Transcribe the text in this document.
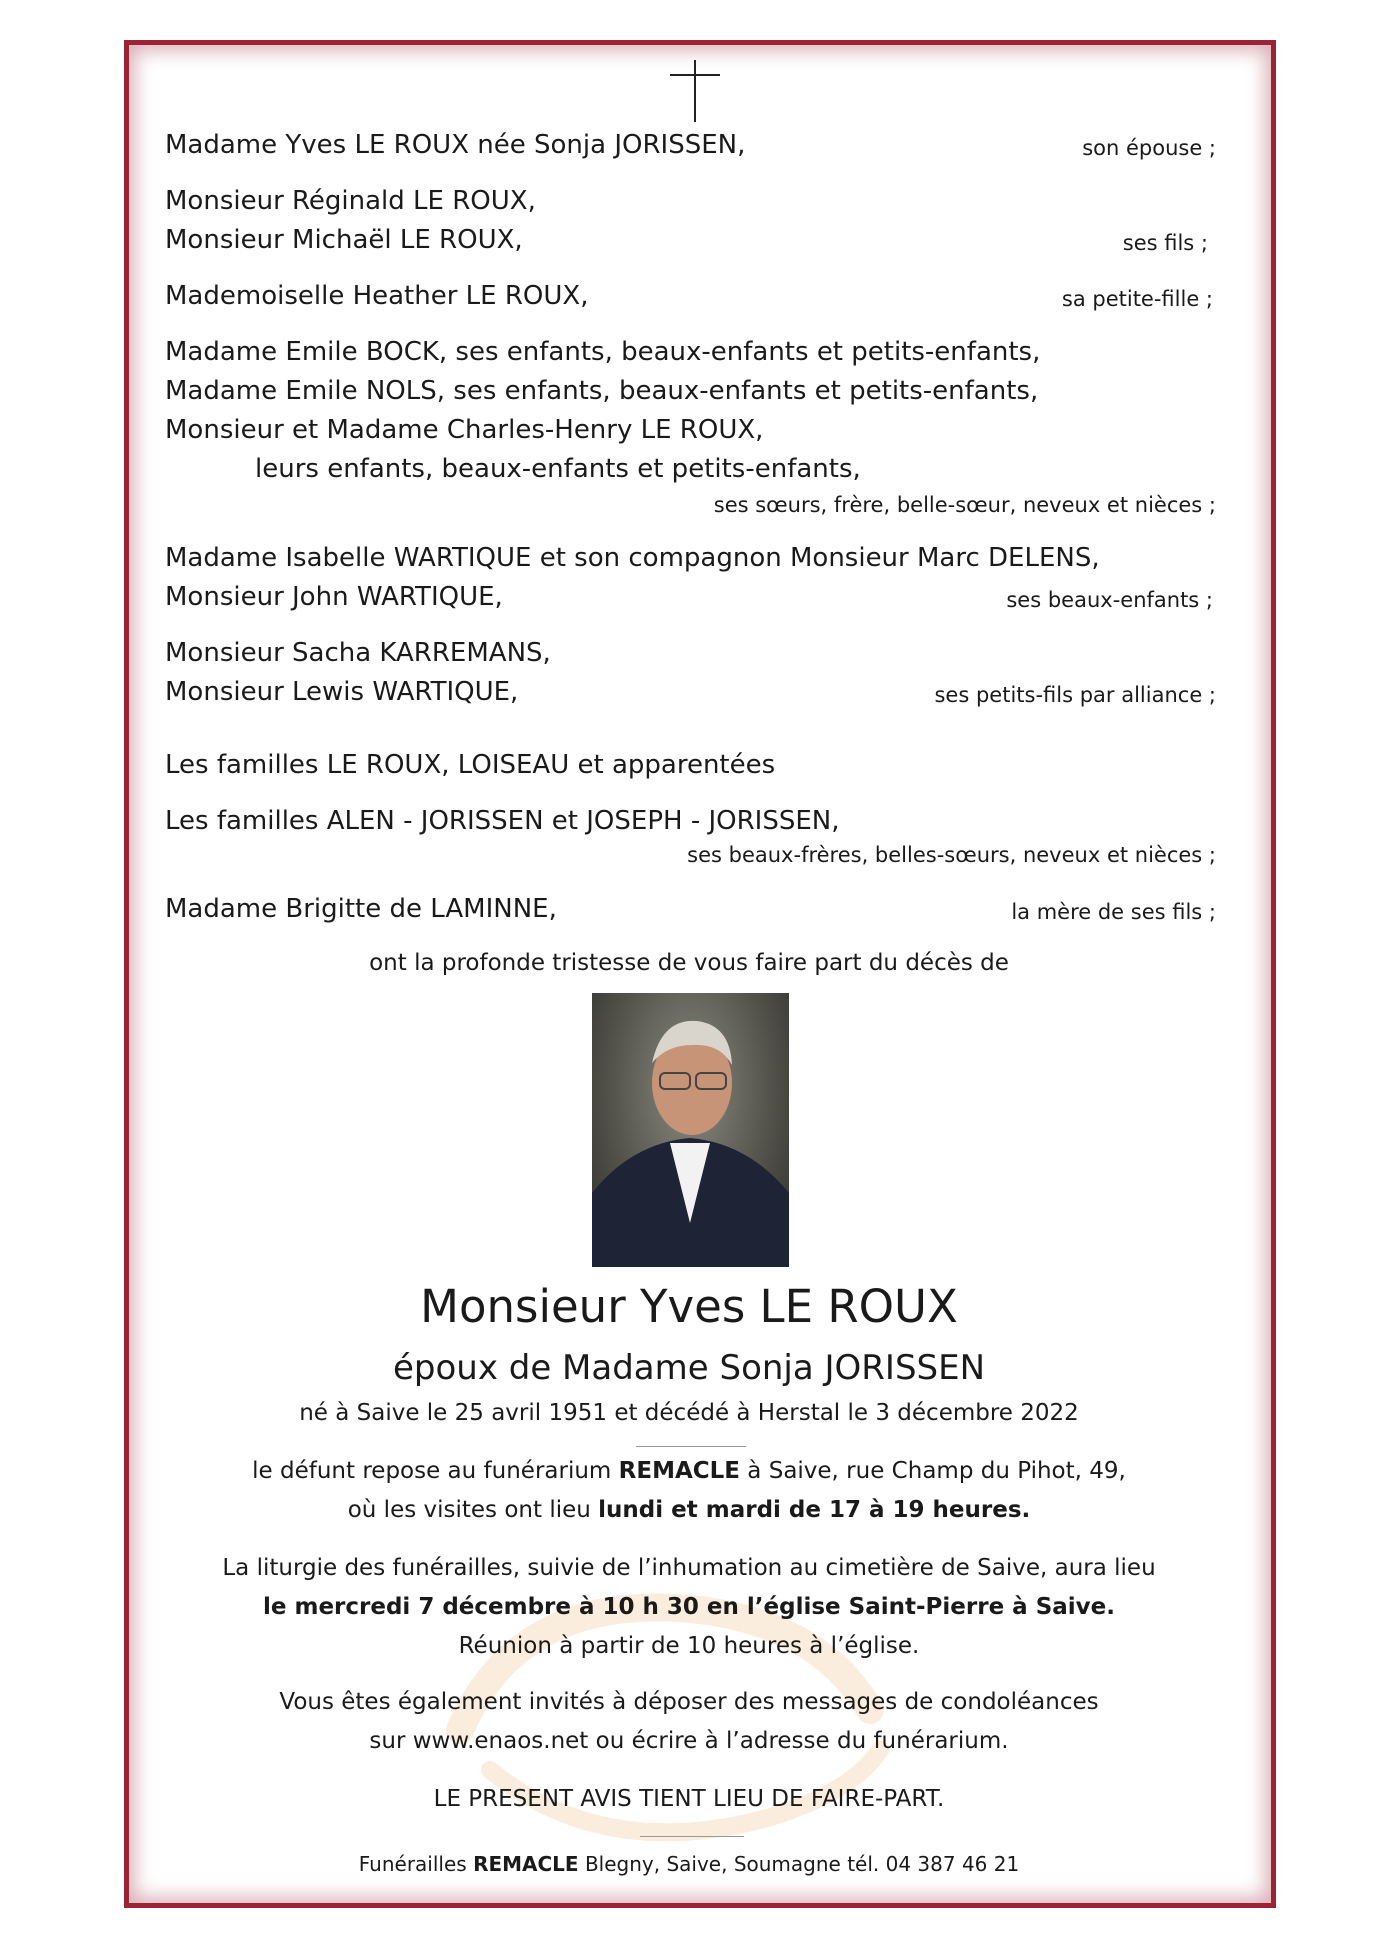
Madame Yves LE ROUX née Sonja JORISSEN,	son épouse ;
Monsieur Réginald LE ROUX,
Monsieur Michaël LE ROUX,	ses fils ;
Mademoiselle Heather LE ROUX,	sa petite-fille ;
Madame Emile BOCK, ses enfants, beaux-enfants et petits-enfants,
Madame Emile NOLS, ses enfants, beaux-enfants et petits-enfants,
Monsieur et Madame Charles-Henry LE ROUX,
leurs enfants, beaux-enfants et petits-enfants,
ses sœurs, frère, belle-sœur, neveux et nièces ;
Madame Isabelle WARTIQUE et son compagnon Monsieur Marc DELENS,
Monsieur John WARTIQUE,	ses beaux-enfants ;
Monsieur Sacha KARREMANS,
Monsieur Lewis WARTIQUE,	ses petits-fils par alliance ;
Les familles LE ROUX, LOISEAU et apparentées
Les familles ALEN - JORISSEN et JOSEPH - JORISSEN,
ses beaux-frères, belles-sœurs, neveux et nièces ;
Madame Brigitte de LAMINNE,	la mère de ses fils ;
ont la profonde tristesse de vous faire part du décès de
Monsieur Yves LE ROUX
époux de Madame Sonja JORISSEN
né à Saive le 25 avril 1951 et décédé à Herstal le 3 décembre 2022
le défunt repose au funérarium REMACLE à Saive, rue Champ du Pihot, 49,
où les visites ont lieu lundi et mardi de 17 à 19 heures.
La liturgie des funérailles, suivie de l’inhumation au cimetière de Saive, aura lieu
le mercredi 7 décembre à 10 h 30 en l’église Saint-Pierre à Saive.
Réunion à partir de 10 heures à l’église.
Vous êtes également invités à déposer des messages de condoléances
sur www.enaos.net ou écrire à l’adresse du funérarium.
LE PRESENT AVIS TIENT LIEU DE FAIRE-PART.
Funérailles REMACLE Blegny, Saive, Soumagne tél. 04 387 46 21
